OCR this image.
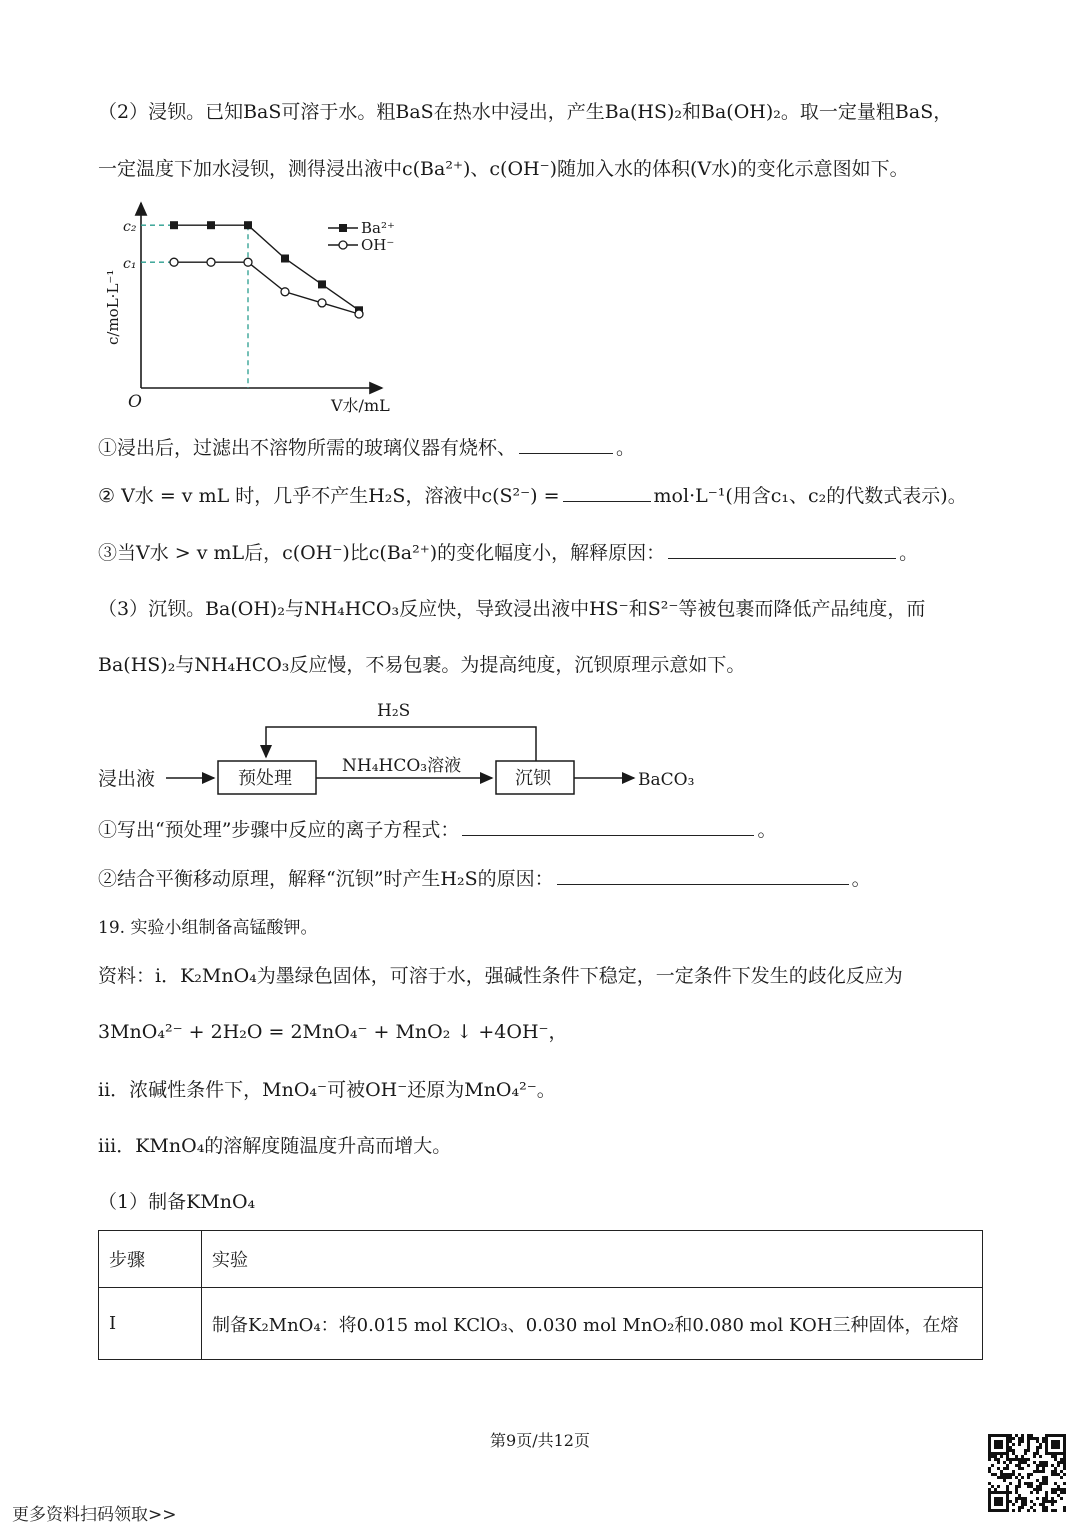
（2）浸钡。已知BaS可溶于水。粗BaS在热水中浸出，产生Ba(HS)₂和Ba(OH)₂。取一定量粗BaS，
一定温度下加水浸钡，测得浸出液中c(Ba²⁺)、c(OH⁻)随加入水的体积(V水)的变化示意图如下。
O	V水/mL
c/moL·L⁻¹
c₂
c₁
Ba²⁺
OH⁻
①浸出后，过滤出不溶物所需的玻璃仪器有烧杯、	。
② V水 = v mL 时，几乎不产生H₂S，溶液中c(S²⁻) =	mol·L⁻¹(用含c₁、c₂的代数式表示)。
③当V水 > v mL后，c(OH⁻)比c(Ba²⁺)的变化幅度小，解释原因：	。
（3）沉钡。Ba(OH)₂与NH₄HCO₃反应快，导致浸出液中HS⁻和S²⁻等被包裹而降低产品纯度，而
Ba(HS)₂与NH₄HCO₃反应慢，不易包裹。为提高纯度，沉钡原理示意如下。
浸出液	预处理
NH₄HCO₃溶液
沉钡	BaCO₃
H₂S
①写出“预处理”步骤中反应的离子方程式：	。
②结合平衡移动原理，解释“沉钡”时产生H₂S的原因：	。
19. 实验小组制备高锰酸钾。
资料：i．K₂MnO₄为墨绿色固体，可溶于水，强碱性条件下稳定，一定条件下发生的歧化反应为
3MnO₄²⁻ + 2H₂O = 2MnO₄⁻ + MnO₂ ↓ +4OH⁻，
ii．浓碱性条件下，MnO₄⁻可被OH⁻还原为MnO₄²⁻。
iii．KMnO₄的溶解度随温度升高而增大。
（1）制备KMnO₄
步骤	实验
I	制备K₂MnO₄：将0.015 mol KClO₃、0.030 mol MnO₂和0.080 mol KOH三种固体，在熔
第9页/共12页
更多资料扫码领取>>
